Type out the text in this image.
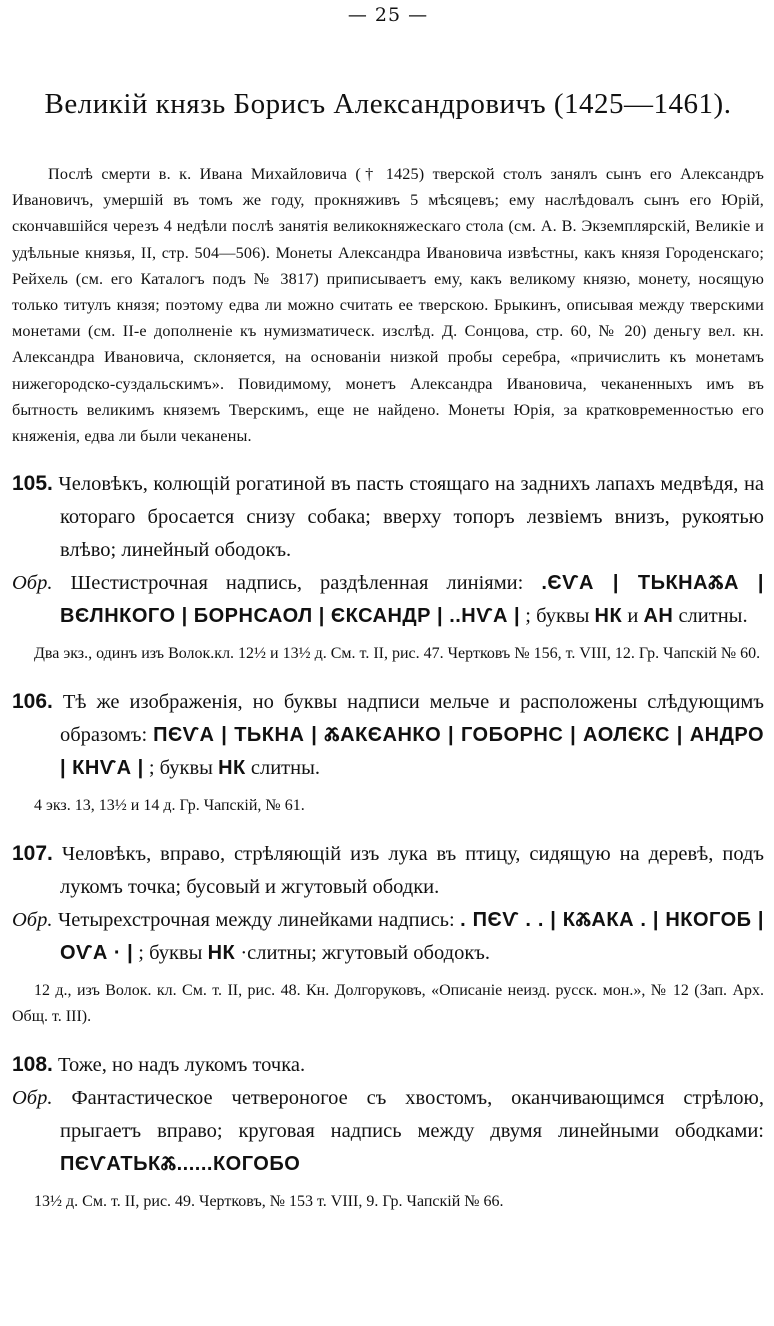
— 25 —
Великій князь Борисъ Александровичъ (1425—1461).
Послѣ смерти в. к. Ивана Михайловича († 1425) тверской столъ занялъ сынъ его Александръ Ивановичъ, умершій въ томъ же году, прокняживъ 5 мѣсяцевъ; ему наслѣдовалъ сынъ его Юрій, скончавшійся черезъ 4 недѣли послѣ занятія великокняжескаго стола (см. А. В. Экземплярскій, Великіе и удѣльные князья, II, стр. 504—506). Монеты Александра Ивановича извѣстны, какъ князя Городенскаго; Рейхель (см. его Каталогъ подъ № 3817) приписываетъ ему, какъ великому князю, монету, носящую только титулъ князя; поэтому едва ли можно считать ее тверскою. Брыкинъ, описывая между тверскими монетами (см. II-е дополненіе къ нумизматическ. изслѣд. Д. Сонцова, стр. 60, № 20) деньгу вел. кн. Александра Ивановича, склоняется, на основаніи низкой пробы серебра, «причислить къ монетамъ нижегородско-суздальскимъ». Повидимому, монетъ Александра Ивановича, чеканенныхъ имъ въ бытность великимъ княземъ Тверскимъ, еще не найдено. Монеты Юрія, за кратковременностью его княженія, едва ли были чеканены.
105. Человѣкъ, колющій рогатиной въ пасть стоящаго на заднихъ лапахъ медвѣдя, на котораго бросается снизу собака; вверху топоръ лезвіемъ внизъ, рукоятью влѣво; линейный ободокъ.
Обр. Шестистрочная надпись, раздѣленная линіями: .ЄѴА | ТЬКНАⰆА | ВЄЛНКОГО | БОРНСАОЛ | ЄКСАНДР | ..НѴА | ; буквы НК и АН слитны.
Два экз., одинъ изъ Волок.кл. 12½ и 13½ д. См. т. II, рис. 47. Чертковъ № 156, т. VIII, 12. Гр. Чапскій № 60.
106. Тѣ же изображенія, но буквы надписи мельче и расположены слѣдующимъ образомъ: ПЄѴА | ТЬКНА | ⰆАКЄАНКО | ГОБОРНС | АОЛЄКС | АНДРО | КНѴА | ; буквы НК слитны.
4 экз. 13, 13½ и 14 д. Гр. Чапскій, № 61.
107. Человѣкъ, вправо, стрѣляющій изъ лука въ птицу, сидящую на деревѣ, подъ лукомъ точка; бусовый и жгутовый ободки.
Обр. Четырехстрочная между линейками надпись: . ПЄѴ . . | КⰆАКА . | НКОГОБ | ОѴА · | ; буквы НК ·слитны; жгутовый ободокъ.
12 д., изъ Волок. кл. См. т. II, рис. 48. Кн. Долгоруковъ, «Описаніе неизд. русск. мон.», № 12 (Зап. Арх. Общ. т. III).
108. Тоже, но надъ лукомъ точка.
Обр. Фантастическое четвероногое съ хвостомъ, оканчивающимся стрѣлою, прыгаетъ вправо; круговая надпись между двумя линейными ободками: ПЄѴАТЬКⰆ......КОГОБО
13½ д. См. т. II, рис. 49. Чертковъ, № 153 т. VIII, 9. Гр. Чапскій № 66.
